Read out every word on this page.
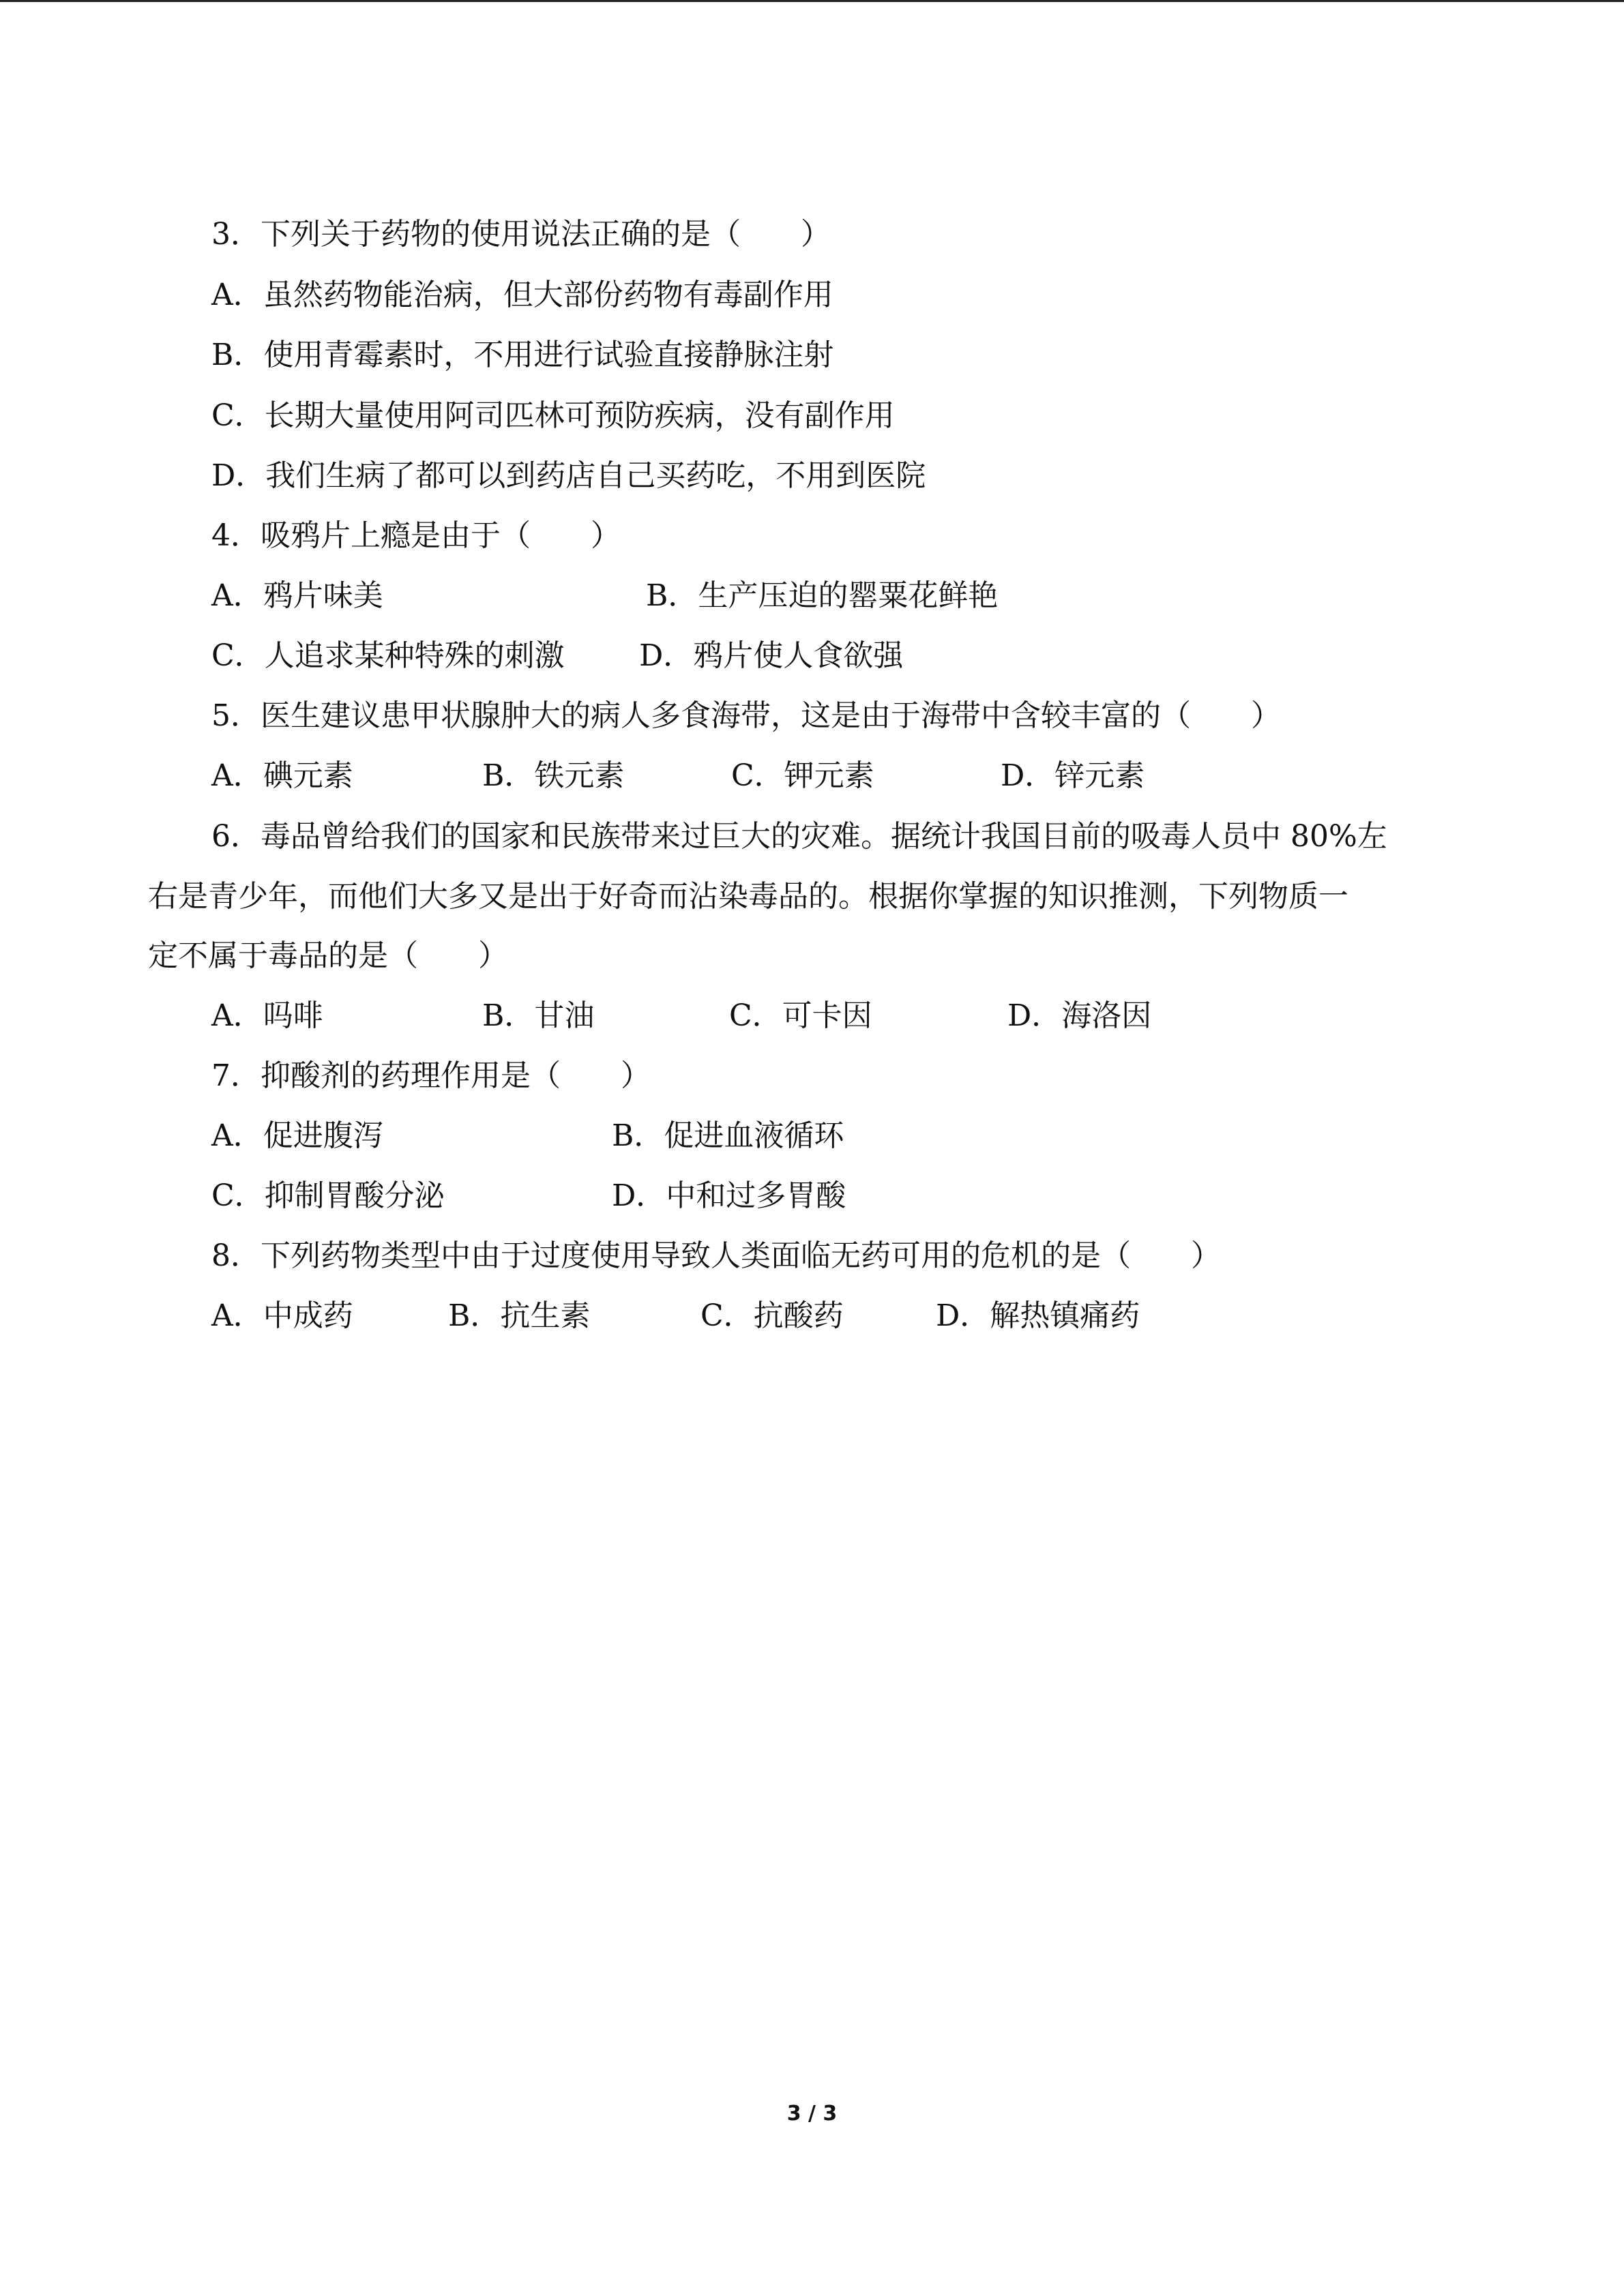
3．下列关于药物的使用说法正确的是（　　）
A．虽然药物能治病，但大部份药物有毒副作用
B．使用青霉素时，不用进行试验直接静脉注射
C．长期大量使用阿司匹林可预防疾病，没有副作用
D．我们生病了都可以到药店自己买药吃，不用到医院
4．吸鸦片上瘾是由于（　　）
A．鸦片味美	B．生产压迫的罂粟花鲜艳
C．人追求某种特殊的刺激 D．鸦片使人食欲强
5．医生建议患甲状腺肿大的病人多食海带，这是由于海带中含较丰富的（　　）
A．碘元素	B．铁元素	C．钾元素	D．锌元素
6．毒品曾给我们的国家和民族带来过巨大的灾难。据统计我国目前的吸毒人员中 80%左
右是青少年，而他们大多又是出于好奇而沾染毒品的。根据你掌握的知识推测，下列物质一
定不属于毒品的是（　　）
A．吗啡	B．甘油	C．可卡因	D．海洛因
7．抑酸剂的药理作用是（　　）
A．促进腹泻	B．促进血液循环
C．抑制胃酸分泌	D．中和过多胃酸
8．下列药物类型中由于过度使用导致人类面临无药可用的危机的是（　　）
A．中成药	B．抗生素	C．抗酸药	D．解热镇痛药
3 / 3
